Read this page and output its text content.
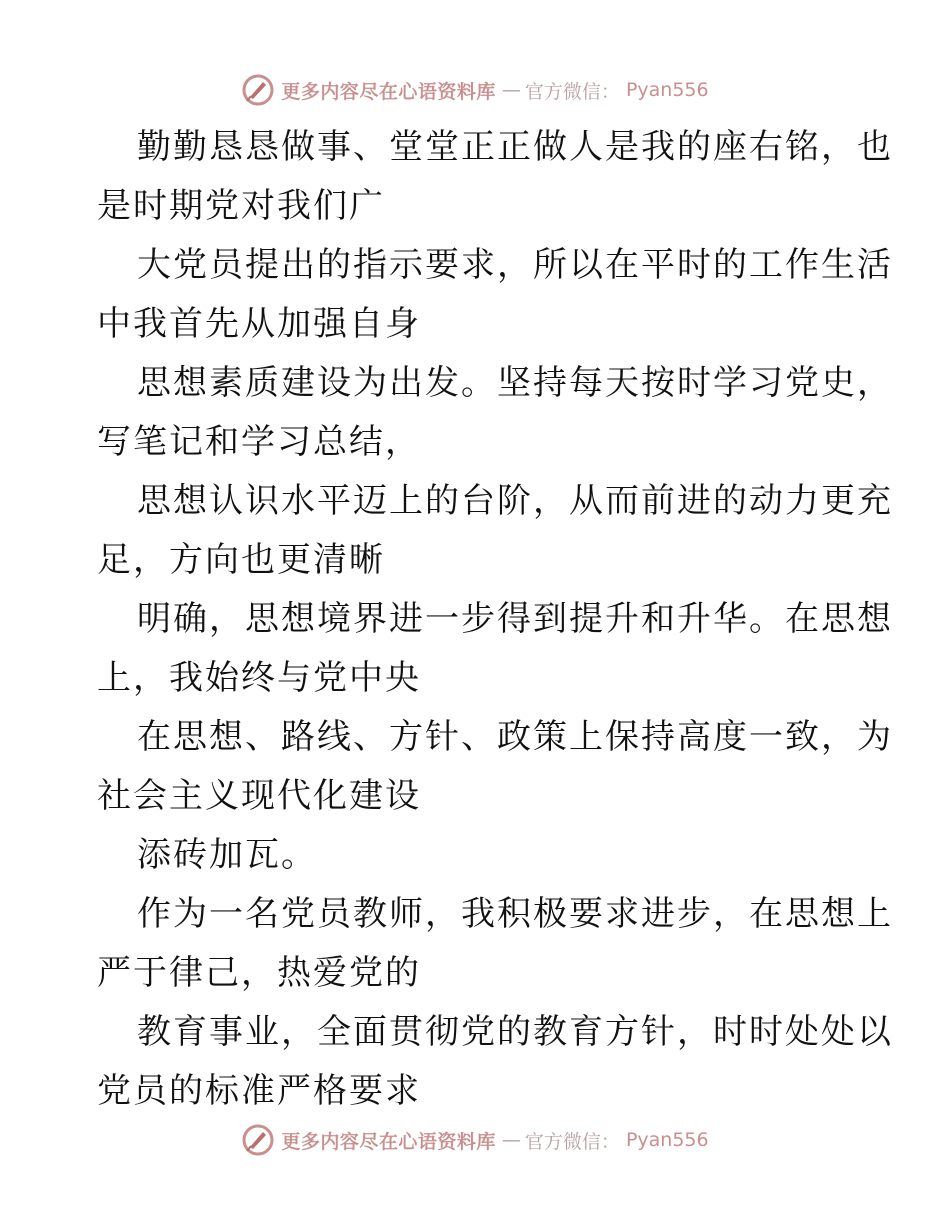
更多内容尽在心语资料库 — 官方微信： Pyan556
勤勤恳恳做事、堂堂正正做人是我的座右铭，也
是时期党对我们广
大党员提出的指示要求，所以在平时的工作生活
中我首先从加强自身
思想素质建设为出发。坚持每天按时学习党史，
写笔记和学习总结，
思想认识水平迈上的台阶，从而前进的动力更充
足，方向也更清晰
明确，思想境界进一步得到提升和升华。在思想
上，我始终与党中央
在思想、路线、方针、政策上保持高度一致，为
社会主义现代化建设
添砖加瓦。
作为一名党员教师，我积极要求进步，在思想上
严于律己，热爱党的
教育事业，全面贯彻党的教育方针，时时处处以
党员的标准严格要求
更多内容尽在心语资料库 — 官方微信： Pyan556
